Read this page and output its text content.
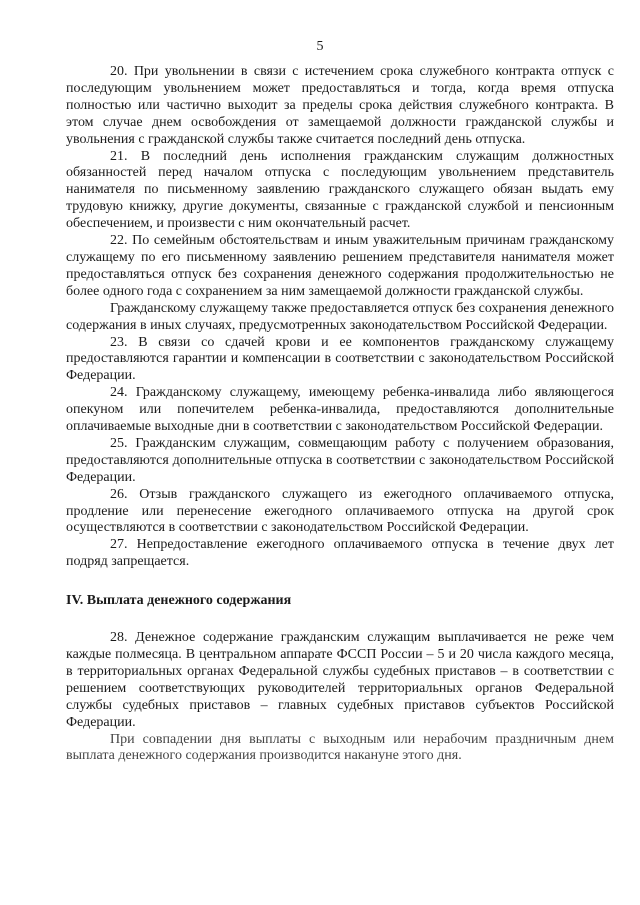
5

20. При увольнении в связи с истечением срока служебного контракта отпуск с последующим увольнением может предоставляться и тогда, когда время отпуска полностью или частично выходит за пределы срока действия служебного контракта. В этом случае днем освобождения от замещаемой должности гражданской службы и увольнения с гражданской службы также считается последний день отпуска.

21. В последний день исполнения гражданским служащим должностных обязанностей перед началом отпуска с последующим увольнением представитель нанимателя по письменному заявлению гражданского служащего обязан выдать ему трудовую книжку, другие документы, связанные с гражданской службой и пенсионным обеспечением, и произвести с ним окончательный расчет.

22. По семейным обстоятельствам и иным уважительным причинам гражданскому служащему по его письменному заявлению решением представителя нанимателя может предоставляться отпуск без сохранения денежного содержания продолжительностью не более одного года с сохранением за ним замещаемой должности гражданской службы.

Гражданскому служащему также предоставляется отпуск без сохранения денежного содержания в иных случаях, предусмотренных законодательством Российской Федерации.

23. В связи со сдачей крови и ее компонентов гражданскому служащему предоставляются гарантии и компенсации в соответствии с законодательством Российской Федерации.

24. Гражданскому служащему, имеющему ребенка-инвалида либо являющегося опекуном или попечителем ребенка-инвалида, предоставляются дополнительные оплачиваемые выходные дни в соответствии с законодательством Российской Федерации.

25. Гражданским служащим, совмещающим работу с получением образования, предоставляются дополнительные отпуска в соответствии с законодательством Российской Федерации.

26. Отзыв гражданского служащего из ежегодного оплачиваемого отпуска, продление или перенесение ежегодного оплачиваемого отпуска на другой срок осуществляются в соответствии с законодательством Российской Федерации.

27. Непредоставление ежегодного оплачиваемого отпуска в течение двух лет подряд запрещается.

IV. Выплата денежного содержания

28. Денежное содержание гражданским служащим выплачивается не реже чем каждые полмесяца. В центральном аппарате ФССП России – 5 и 20 числа каждого месяца, в территориальных органах Федеральной службы судебных приставов – в соответствии с решением соответствующих руководителей территориальных органов Федеральной службы судебных приставов – главных судебных приставов субъектов Российской Федерации.

При совпадении дня выплаты с выходным или нерабочим праздничным днем выплата денежного содержания производится накануне этого дня.
